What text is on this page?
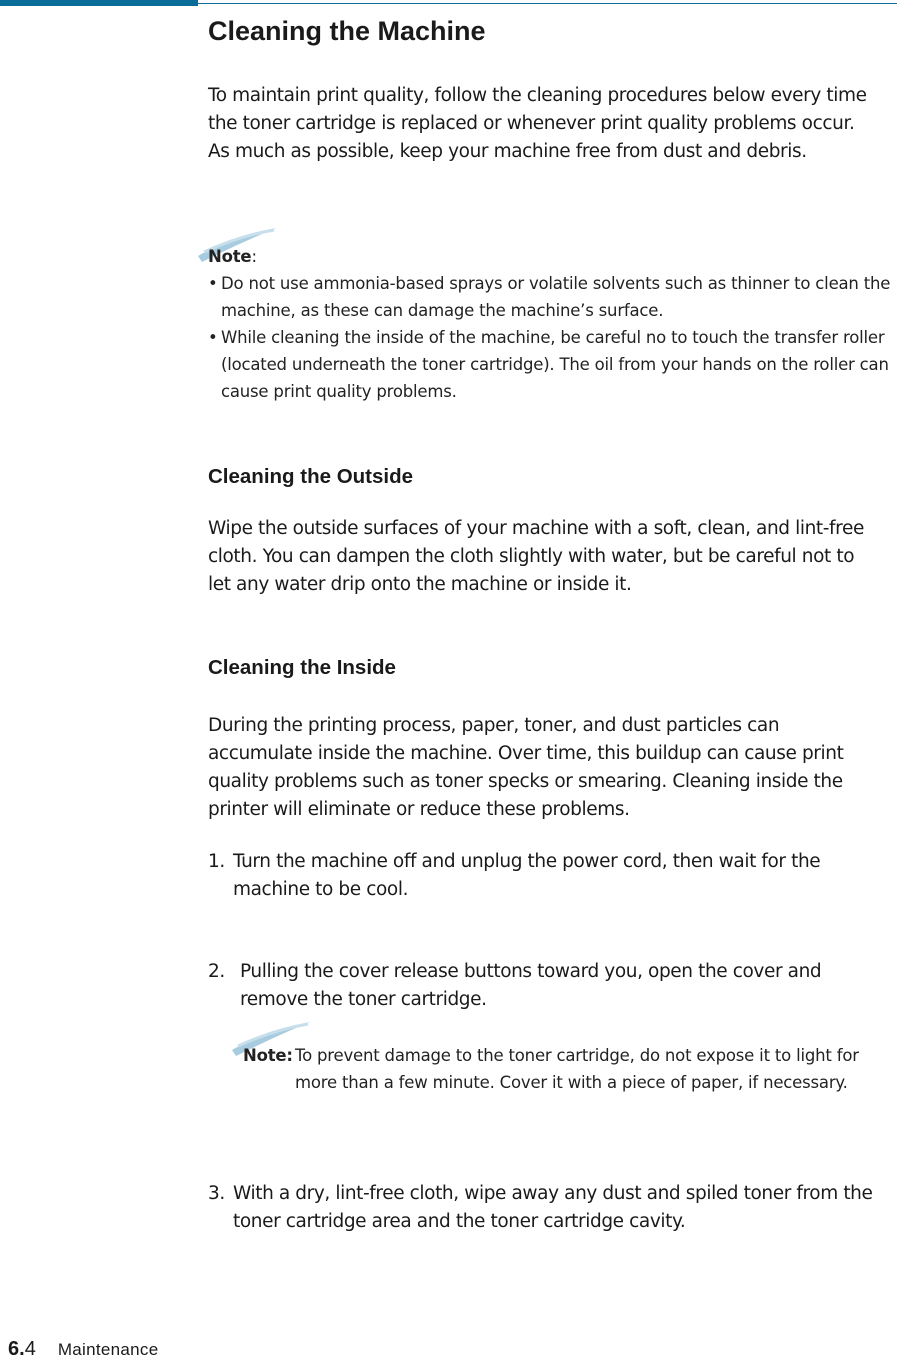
Cleaning the Machine

To maintain print quality, follow the cleaning procedures below every time the toner cartridge is replaced or whenever print quality problems occur. As much as possible, keep your machine free from dust and debris.

Note:
• Do not use ammonia-based sprays or volatile solvents such as thinner to clean the machine, as these can damage the machine’s surface.
• While cleaning the inside of the machine, be careful no to touch the transfer roller (located underneath the toner cartridge). The oil from your hands on the roller can cause print quality problems.
Cleaning the Outside

Wipe the outside surfaces of your machine with a soft, clean, and lint-free cloth. You can dampen the cloth slightly with water, but be careful not to let any water drip onto the machine or inside it.

Cleaning the Inside

During the printing process, paper, toner, and dust particles can accumulate inside the machine. Over time, this buildup can cause print quality problems such as toner specks or smearing. Cleaning inside the printer will eliminate or reduce these problems.

1. Turn the machine off and unplug the power cord, then wait for the machine to be cool.
2. Pulling the cover release buttons toward you, open the cover and remove the toner cartridge.
Note: To prevent damage to the toner cartridge, do not expose it to light for more than a few minute. Cover it with a piece of paper, if necessary.
3. With a dry, lint-free cloth, wipe away any dust and spiled toner from the toner cartridge area and the toner cartridge cavity.
6.4 Maintenance
